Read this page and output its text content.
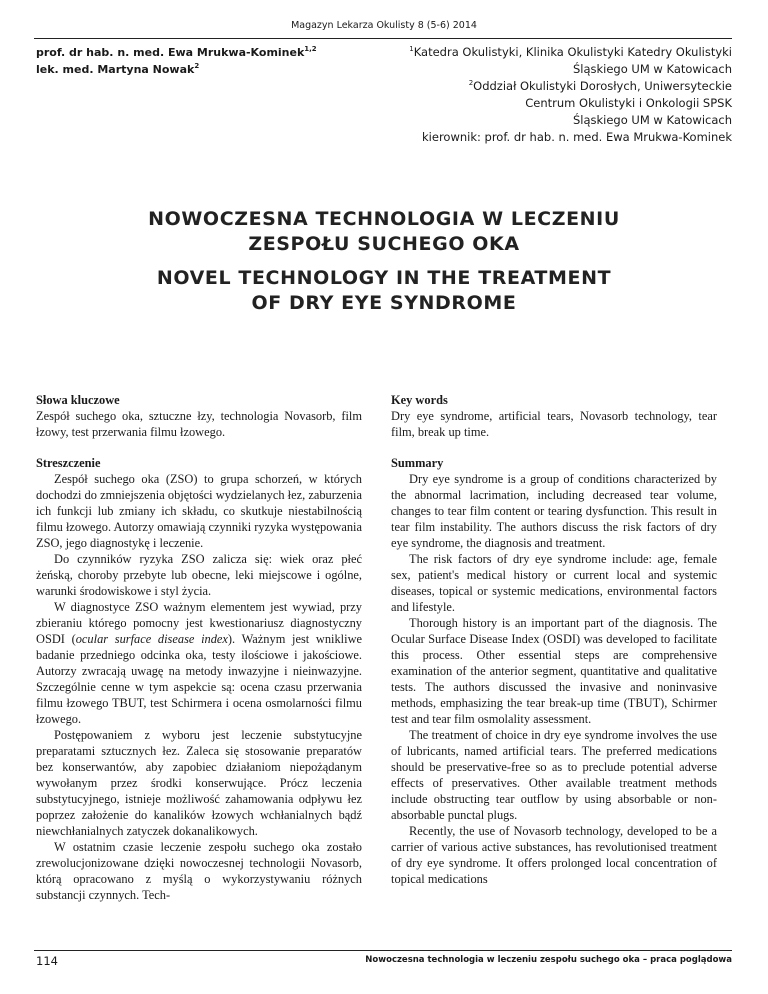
Magazyn Lekarza Okulisty 8 (5-6) 2014
prof. dr hab. n. med. Ewa Mrukwa-Kominek$^{1,2}$
lek. med. Martyna Nowak$^2$
$^1$Katedra Okulistyki, Klinika Okulistyki Katedry Okulistyki
Śląskiego UM w Katowicach
$^2$Oddział Okulistyki Dorosłych, Uniwersyteckie
Centrum Okulistyki i Onkologii SPSK
Śląskiego UM w Katowicach
kierownik: prof. dr hab. n. med. Ewa Mrukwa-Kominek
NOWOCZESNA TECHNOLOGIA W LECZENIU
ZESPOŁU SUCHEGO OKA
NOVEL TECHNOLOGY IN THE TREATMENT
OF DRY EYE SYNDROME
Słowa kluczowe

Zespół suchego oka, sztuczne łzy, technologia Novasorb, film łzowy, test przerwania filmu łzowego.

Key words

Dry eye syndrome, artificial tears, Novasorb technology, tear film, break up time.

Streszczenie

Zespół suchego oka (ZSO) to grupa schorzeń, w których dochodzi do zmniejszenia objętości wydzielanych łez, zaburzenia ich funkcji lub zmiany ich składu, co skutkuje niestabilnością filmu łzowego. Autorzy omawiają czynniki ryzyka występowania ZSO, jego diagnostykę i leczenie.

Do czynników ryzyka ZSO zalicza się: wiek oraz płeć żeńską, choroby przebyte lub obecne, leki miejscowe i ogólne, warunki środowiskowe i styl życia.

W diagnostyce ZSO ważnym elementem jest wywiad, przy zbieraniu którego pomocny jest kwestionariusz diagnostyczny OSDI (ocular surface disease index). Ważnym jest wnikliwe badanie przedniego odcinka oka, testy ilościowe i jakościowe. Autorzy zwracają uwagę na metody inwazyjne i nieinwazyjne. Szczególnie cenne w tym aspekcie są: ocena czasu przerwania filmu łzowego TBUT, test Schirmera i ocena osmolarności filmu łzowego.

Postępowaniem z wyboru jest leczenie substytucyjne preparatami sztucznych łez. Zaleca się stosowanie preparatów bez konserwantów, aby zapobiec działaniom niepożądanym wywołanym przez środki konserwujące. Prócz leczenia substytucyjnego, istnieje możliwość zahamowania odpływu łez poprzez założenie do kanalików łzowych wchłanialnych bądź niewchłanialnych zatyczek dokanalikowych.

W ostatnim czasie leczenie zespołu suchego oka zostało zrewolucjonizowane dzięki nowoczesnej technologii Novasorb, którą opracowano z myślą o wykorzystywaniu różnych substancji czynnych. Tech-

Summary

Dry eye syndrome is a group of conditions characterized by the abnormal lacrimation, including decreased tear volume, changes to tear film content or tearing dysfunction. This result in tear film instability. The authors discuss the risk factors of dry eye syndrome, the diagnosis and treatment.

The risk factors of dry eye syndrome include: age, female sex, patient's medical history or current local and systemic diseases, topical or systemic medications, environmental factors and lifestyle.

Thorough history is an important part of the diagnosis. The Ocular Surface Disease Index (OSDI) was developed to facilitate this process. Other essential steps are comprehensive examination of the anterior segment, quantitative and qualitative tests. The authors discussed the invasive and noninvasive methods, emphasizing the tear break-up time (TBUT), Schirmer test and tear film osmolality assessment.

The treatment of choice in dry eye syndrome involves the use of lubricants, named artificial tears. The preferred medications should be preservative-free so as to preclude potential adverse effects of preservatives. Other available treatment methods include obstructing tear outflow by using absorbable or non-absorbable punctal plugs.

Recently, the use of Novasorb technology, developed to be a carrier of various active substances, has revolutionised treatment of dry eye syndrome. It offers prolonged local concentration of topical medications

114	Nowoczesna technologia w leczeniu zespołu suchego oka – praca poglądowa
